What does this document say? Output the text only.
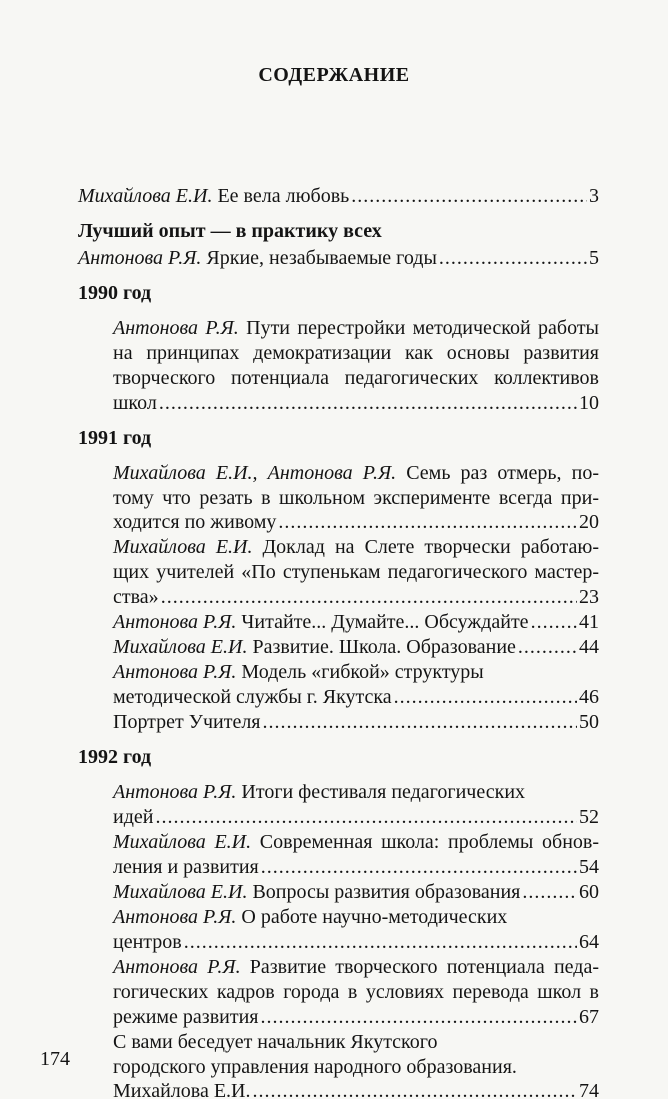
СОДЕРЖАНИЕ
Михайлова Е.И. Ее вела любовь .....	3
Лучший опыт — в практику всех
Антонова Р.Я. Яркие, незабываемые годы .....	5
1990 год
Антонова Р.Я. Пути перестройки методической работы
на принципах демократизации как основы развития
творческого потенциала педагогических коллективов
школ .....	10
1991 год
Михайлова Е.И., Антонова Р.Я. Семь раз отмерь, по-
тому что резать в школьном эксперименте всегда при-
ходится по живому .....	20
Михайлова Е.И. Доклад на Слете творчески работаю-
щих учителей «По ступенькам педагогического мастер-
ства» .....	23
Антонова Р.Я. Читайте... Думайте... Обсуждайте .....	41
Михайлова Е.И. Развитие. Школа. Образование .....	44
Антонова Р.Я. Модель «гибкой» структуры
методической службы г. Якутска .....	46
Портрет Учителя .....	50
1992 год
Антонова Р.Я. Итоги фестиваля педагогических
идей .....	52
Михайлова Е.И. Современная школа: проблемы обнов-
ления и развития .....	54
Михайлова Е.И. Вопросы развития образования .....	60
Антонова Р.Я. О работе научно-методических
центров .....	64
Антонова Р.Я. Развитие творческого потенциала педа-
гогических кадров города в условиях перевода школ в
режиме развития .....	67
С вами беседует начальник Якутского
городского управления народного образования.
Михайлова Е.И. .....	74
174
